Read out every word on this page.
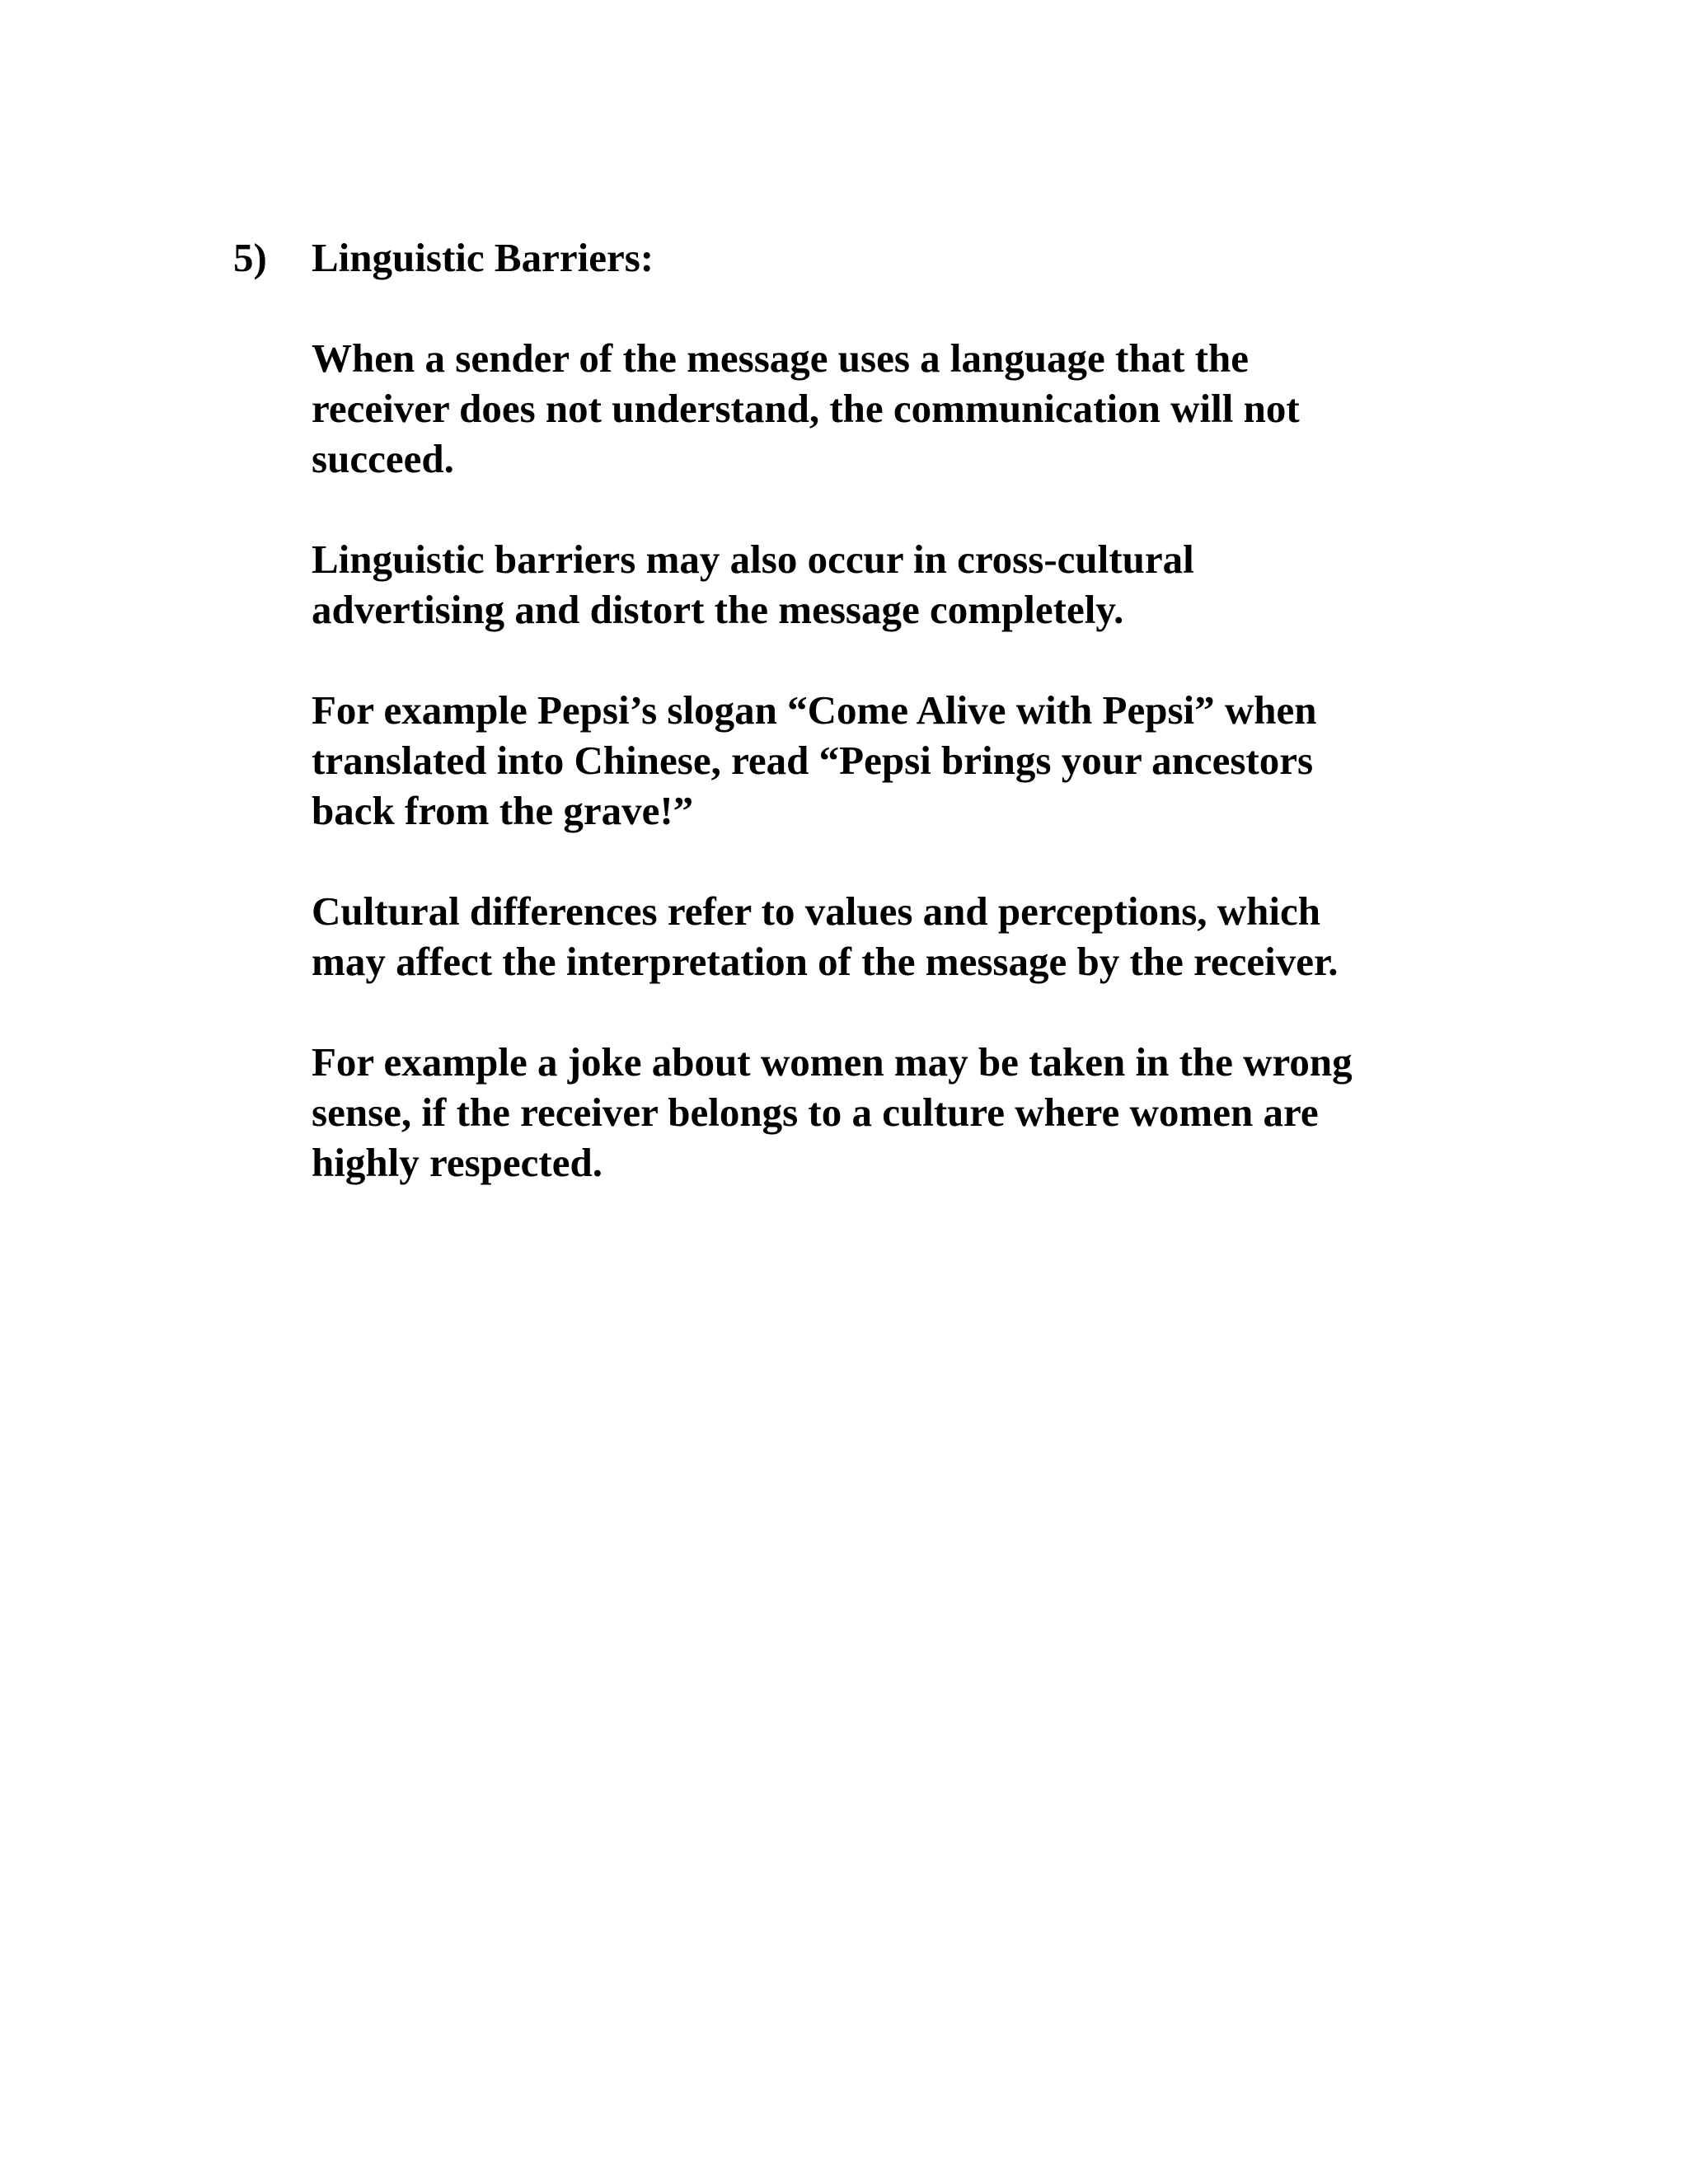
5) Linguistic Barriers:

When a sender of the message uses a language that the
receiver does not understand, the communication will not
succeed.

Linguistic barriers may also occur in cross-cultural
advertising and distort the message completely.

For example Pepsi’s slogan “Come Alive with Pepsi” when
translated into Chinese, read “Pepsi brings your ancestors
back from the grave!”

Cultural differences refer to values and perceptions, which
may affect the interpretation of the message by the receiver.

For example a joke about women may be taken in the wrong
sense, if the receiver belongs to a culture where women are
highly respected.
